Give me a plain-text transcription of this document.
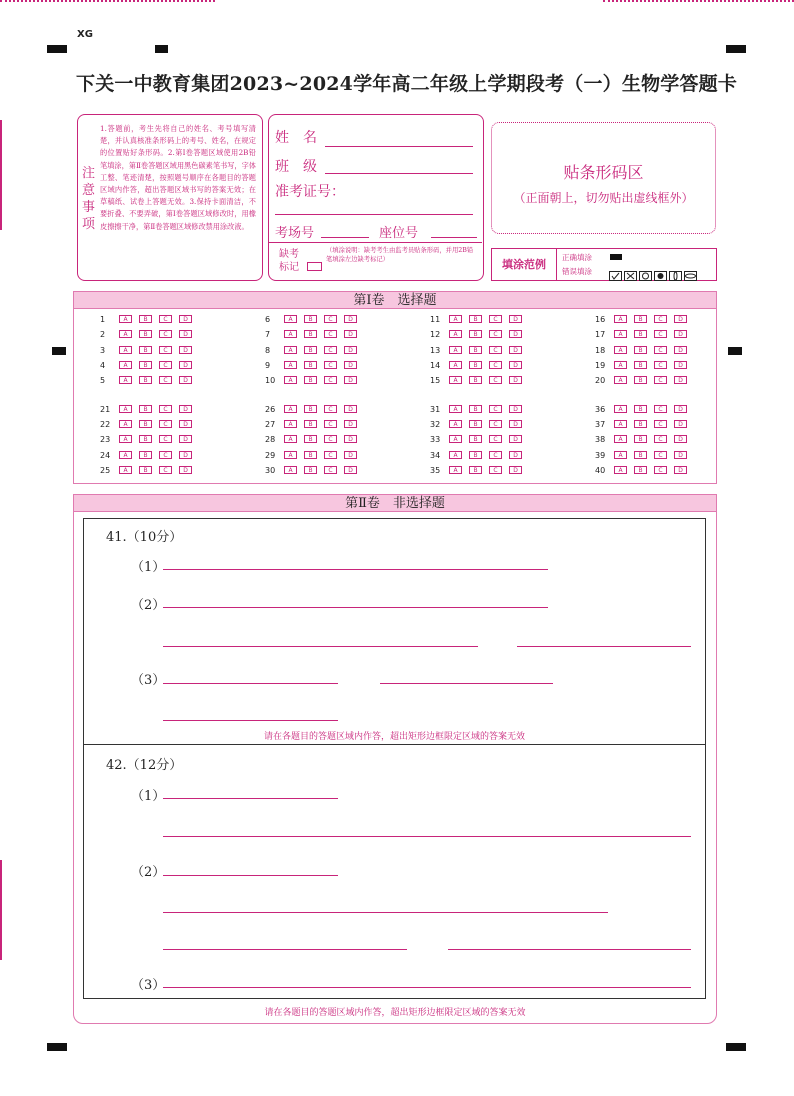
XG
下关一中教育集团2023~2024学年高二年级上学期段考（一）生物学答题卡
注意事项
1.答题前，考生先将自己的姓名、考号填写清楚，并认真核准条形码上的考号、姓名，在规定的位置贴好条形码。2.第Ⅰ卷答题区域使用2B铅笔填涂，第Ⅱ卷答题区域用黑色碳素笔书写，字体工整、笔迹清楚，按照题号顺序在各题目的答题区域内作答，超出答题区域书写的答案无效；在草稿纸、试卷上答题无效。3.保持卡面清洁，不要折叠、不要弄破，第Ⅰ卷答题区域修改时，用橡皮擦擦干净，第Ⅱ卷答题区域修改禁用涂改液。
姓　名
班　级
准考证号：
考场号	座位号
缺考
标记
（填涂说明：缺考考生由监考员贴条形码，并用2B铅笔填涂左边缺考标记）
贴条形码区
（正面朝上，切勿贴出虚线框外）
填涂范例
正确填涂
错误填涂
第Ⅰ卷　选择题
1	A	B	C	D
2	A	B	C	D
3	A	B	C	D
4	A	B	C	D
5	A	B	C	D
6	A	B	C	D
7	A	B	C	D
8	A	B	C	D
9	A	B	C	D
10	A	B	C	D
11	A	B	C	D
12	A	B	C	D
13	A	B	C	D
14	A	B	C	D
15	A	B	C	D
16	A	B	C	D
17	A	B	C	D
18	A	B	C	D
19	A	B	C	D
20	A	B	C	D
21	A	B	C	D
22	A	B	C	D
23	A	B	C	D
24	A	B	C	D
25	A	B	C	D
26	A	B	C	D
27	A	B	C	D
28	A	B	C	D
29	A	B	C	D
30	A	B	C	D
31	A	B	C	D
32	A	B	C	D
33	A	B	C	D
34	A	B	C	D
35	A	B	C	D
36	A	B	C	D
37	A	B	C	D
38	A	B	C	D
39	A	B	C	D
40	A	B	C	D
第Ⅱ卷　非选择题
41.（10分）
（1）
（2）
（3）
请在各题目的答题区域内作答，超出矩形边框限定区域的答案无效
42.（12分）
（1）
（2）
（3）
请在各题目的答题区域内作答，超出矩形边框限定区域的答案无效
